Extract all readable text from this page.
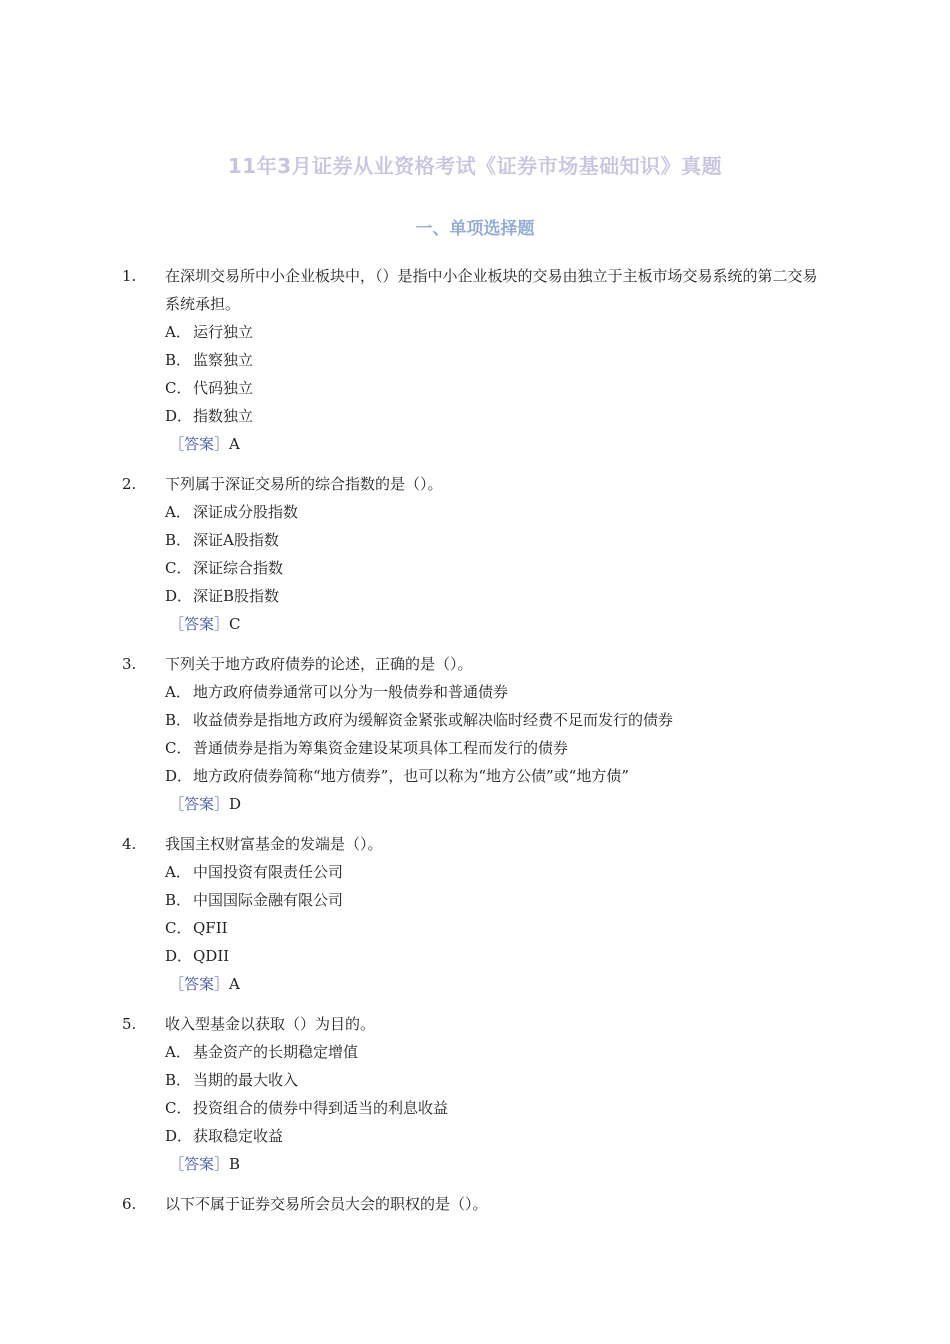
11年3月证券从业资格考试《证券市场基础知识》真题
一、单项选择题
1. 在深圳交易所中小企业板块中，（）是指中小企业板块的交易由独立于主板市场交易系统的第二交易系统承担。

A． 运行独立
B． 监察独立
C． 代码独立
D．指数独立
［答案］A
2. 下列属于深证交易所的综合指数的是（）。

A． 深证成分股指数
B． 深证A股指数
C． 深证综合指数
D．深证B股指数
［答案］C
3. 下列关于地方政府债券的论述，正确的是（）。

A． 地方政府债券通常可以分为一般债券和普通债券
B． 收益债券是指地方政府为缓解资金紧张或解决临时经费不足而发行的债券
C． 普通债券是指为筹集资金建设某项具体工程而发行的债券
D．地方政府债券简称“地方债券”，也可以称为“地方公债”或“地方债”
［答案］D
4. 我国主权财富基金的发端是（）。

A． 中国投资有限责任公司
B． 中国国际金融有限公司
C． QFII
D．QDII
［答案］A
5. 收入型基金以获取（）为目的。

A． 基金资产的长期稳定增值
B． 当期的最大收入
C． 投资组合的债券中得到适当的利息收益
D．获取稳定收益
［答案］B
6. 以下不属于证券交易所会员大会的职权的是（）。
